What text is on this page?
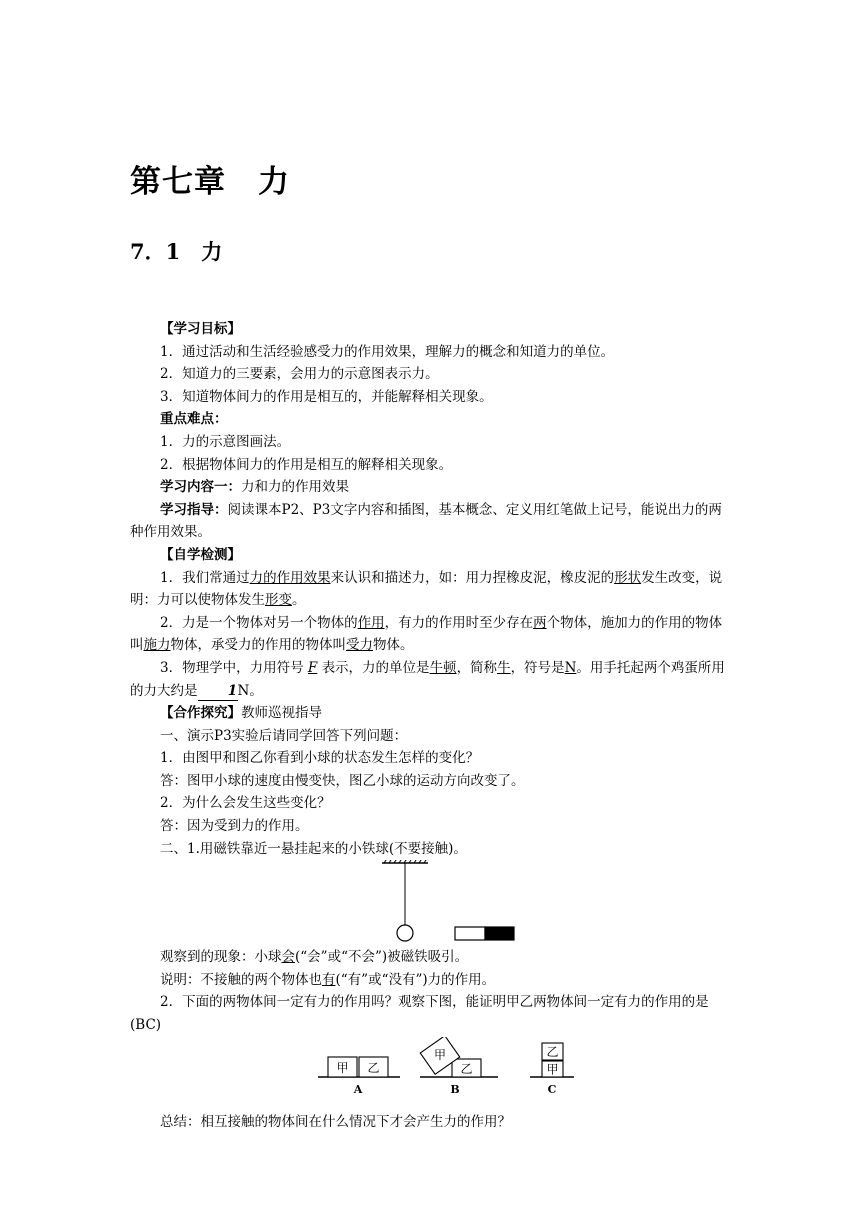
第七章　力
7．1　力

【学习目标】

1．通过活动和生活经验感受力的作用效果，理解力的概念和知道力的单位。

2．知道力的三要素，会用力的示意图表示力。

3．知道物体间力的作用是相互的，并能解释相关现象。

重点难点：

1．力的示意图画法。

2．根据物体间力的作用是相互的解释相关现象。

学习内容一：力和力的作用效果

学习指导：阅读课本P2、P3文字内容和插图，基本概念、定义用红笔做上记号，能说出力的两种作用效果。

【自学检测】

1．我们常通过力的作用效果来认识和描述力，如：用力捏橡皮泥，橡皮泥的形状发生改变，说明：力可以使物体发生形变。

2．力是一个物体对另一个物体的作用，有力的作用时至少存在两个物体，施加力的作用的物体叫施力物体，承受力的作用的物体叫受力物体。

3．物理学中，力用符号 F 表示，力的单位是牛顿，简称牛，符号是N。用手托起两个鸡蛋所用的力大约是 1N。

【合作探究】教师巡视指导

一、演示P3实验后请同学回答下列问题：

1．由图甲和图乙你看到小球的状态发生怎样的变化？

答：图甲小球的速度由慢变快，图乙小球的运动方向改变了。

2．为什么会发生这些变化？

答：因为受到力的作用。

二、1.用磁铁靠近一悬挂起来的小铁球(不要接触)。

观察到的现象：小球会(“会”或“不会”)被磁铁吸引。

说明：不接触的两个物体也有(“有”或“没有”)力的作用。

2．下面的两物体间一定有力的作用吗？观察下图，能证明甲乙两物体间一定有力的作用的是(BC)

甲 乙
A
乙
甲
B
甲
乙
C

总结：相互接触的物体间在什么情况下才会产生力的作用？
